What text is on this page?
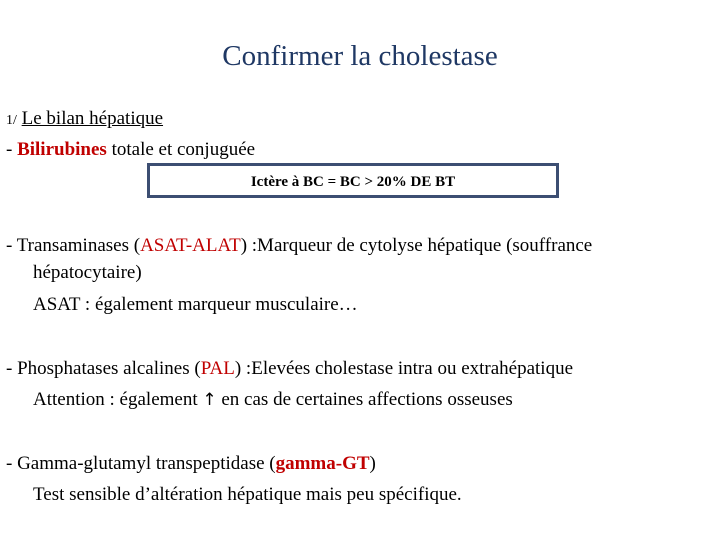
Confirmer la cholestase
1/ Le bilan hépatique
- Bilirubines totale et conjuguée
Ictère à BC = BC > 20% DE BT
- Transaminases (ASAT-ALAT) :Marqueur de cytolyse hépatique (souffrance
hépatocytaire)
ASAT : également marqueur musculaire…
- Phosphatases alcalines (PAL) :Elevées cholestase intra ou extrahépatique
Attention : également ↑ en cas de certaines affections osseuses
- Gamma-glutamyl transpeptidase (gamma-GT)
Test sensible d’altération hépatique mais peu spécifique.
